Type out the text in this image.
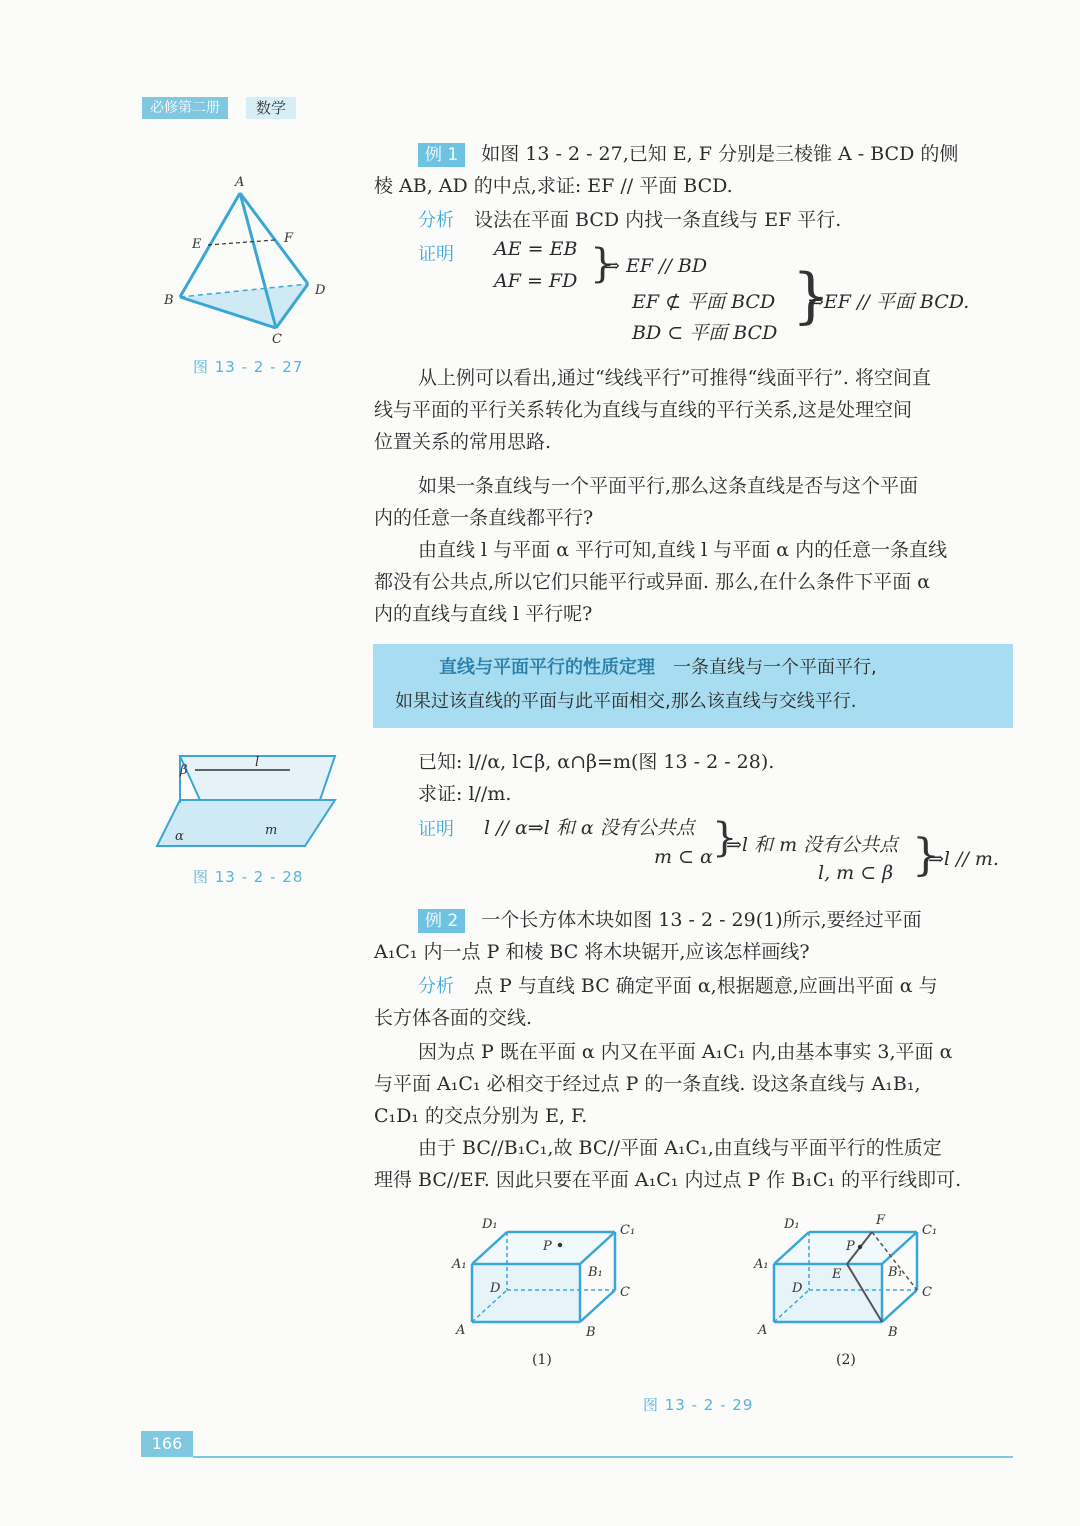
必修第二册	数学
A
E	F
B
D
C
图 13 - 2 - 27
例 1 如图 13 - 2 - 27,已知 E, F 分别是三棱锥 A - BCD 的侧
棱 AB, AD 的中点,求证: EF // 平面 BCD.
分析 设法在平面 BCD 内找一条直线与 EF 平行.
证明 AE = EB
AF = FD }
⇒ EF // BD
EF ⊄ 平面 BCD }
⇒EF // 平面 BCD.
BD ⊂ 平面 BCD
从上例可以看出,通过“线线平行”可推得“线面平行”. 将空间直
线与平面的平行关系转化为直线与直线的平行关系,这是处理空间
位置关系的常用思路.
如果一条直线与一个平面平行,那么这条直线是否与这个平面
内的任意一条直线都平行?
由直线 l 与平面 α 平行可知,直线 l 与平面 α 内的任意一条直线
都没有公共点,所以它们只能平行或异面. 那么,在什么条件下平面 α
内的直线与直线 l 平行呢?
直线与平面平行的性质定理 一条直线与一个平面平行,
如果过该直线的平面与此平面相交,那么该直线与交线平行.
β
l
α	m
图 13 - 2 - 28
已知: l//α, l⊂β, α∩β=m(图 13 - 2 - 28).
求证: l//m.
证明 l // α⇒l 和 α 没有公共点
m ⊂ α }
⇒l 和 m 没有公共点
l, m ⊂ β }
⇒l // m.
例 2 一个长方体木块如图 13 - 2 - 29(1)所示,要经过平面
A₁C₁ 内一点 P 和棱 BC 将木块锯开,应该怎样画线?
分析 点 P 与直线 BC 确定平面 α,根据题意,应画出平面 α 与
长方体各面的交线.
因为点 P 既在平面 α 内又在平面 A₁C₁ 内,由基本事实 3,平面 α
与平面 A₁C₁ 必相交于经过点 P 的一条直线. 设这条直线与 A₁B₁,
C₁D₁ 的交点分别为 E, F.
由于 BC//B₁C₁,故 BC//平面 A₁C₁,由直线与平面平行的性质定
理得 BC//EF. 因此只要在平面 A₁C₁ 内过点 P 作 B₁C₁ 的平行线即可.
D₁	C₁
A₁
B₁
C
D
A	B
P
(1)
D₁	C₁
A₁
B₁
C
D
A	B
P
E
F
(2)
图 13 - 2 - 29
166
